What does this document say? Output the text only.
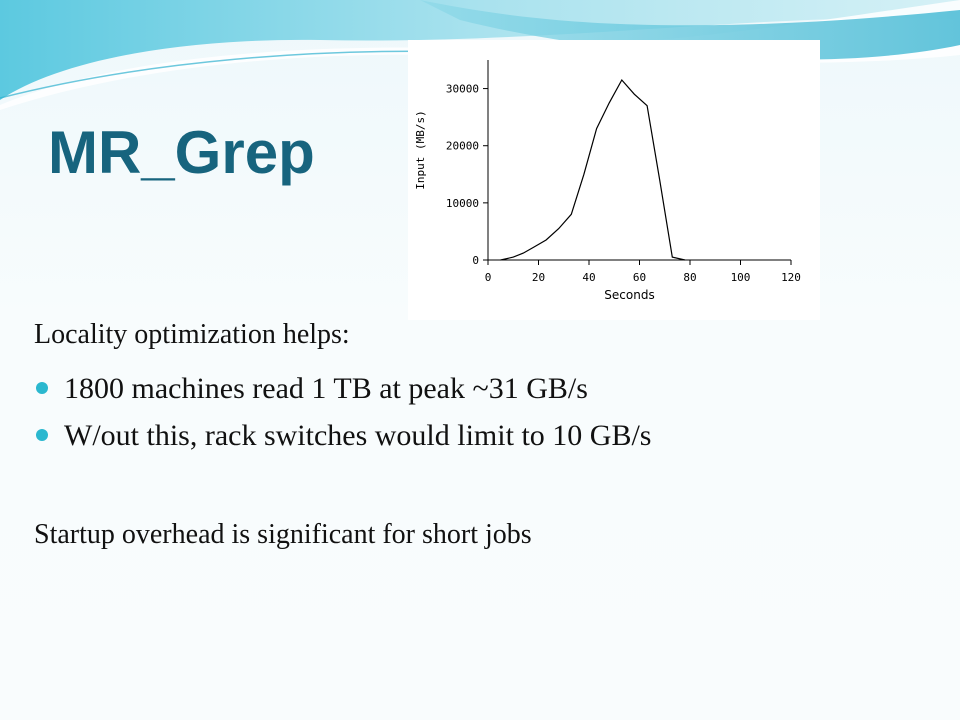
MR_Grep
0
10000
20000
30000
0	20	40	60	80	100	120
Seconds
Input (MB/s)

Locality optimization helps:

1800 machines read 1 TB at peak ~31 GB/s
W/out this, rack switches would limit to 10 GB/s

Startup overhead is significant for short jobs
